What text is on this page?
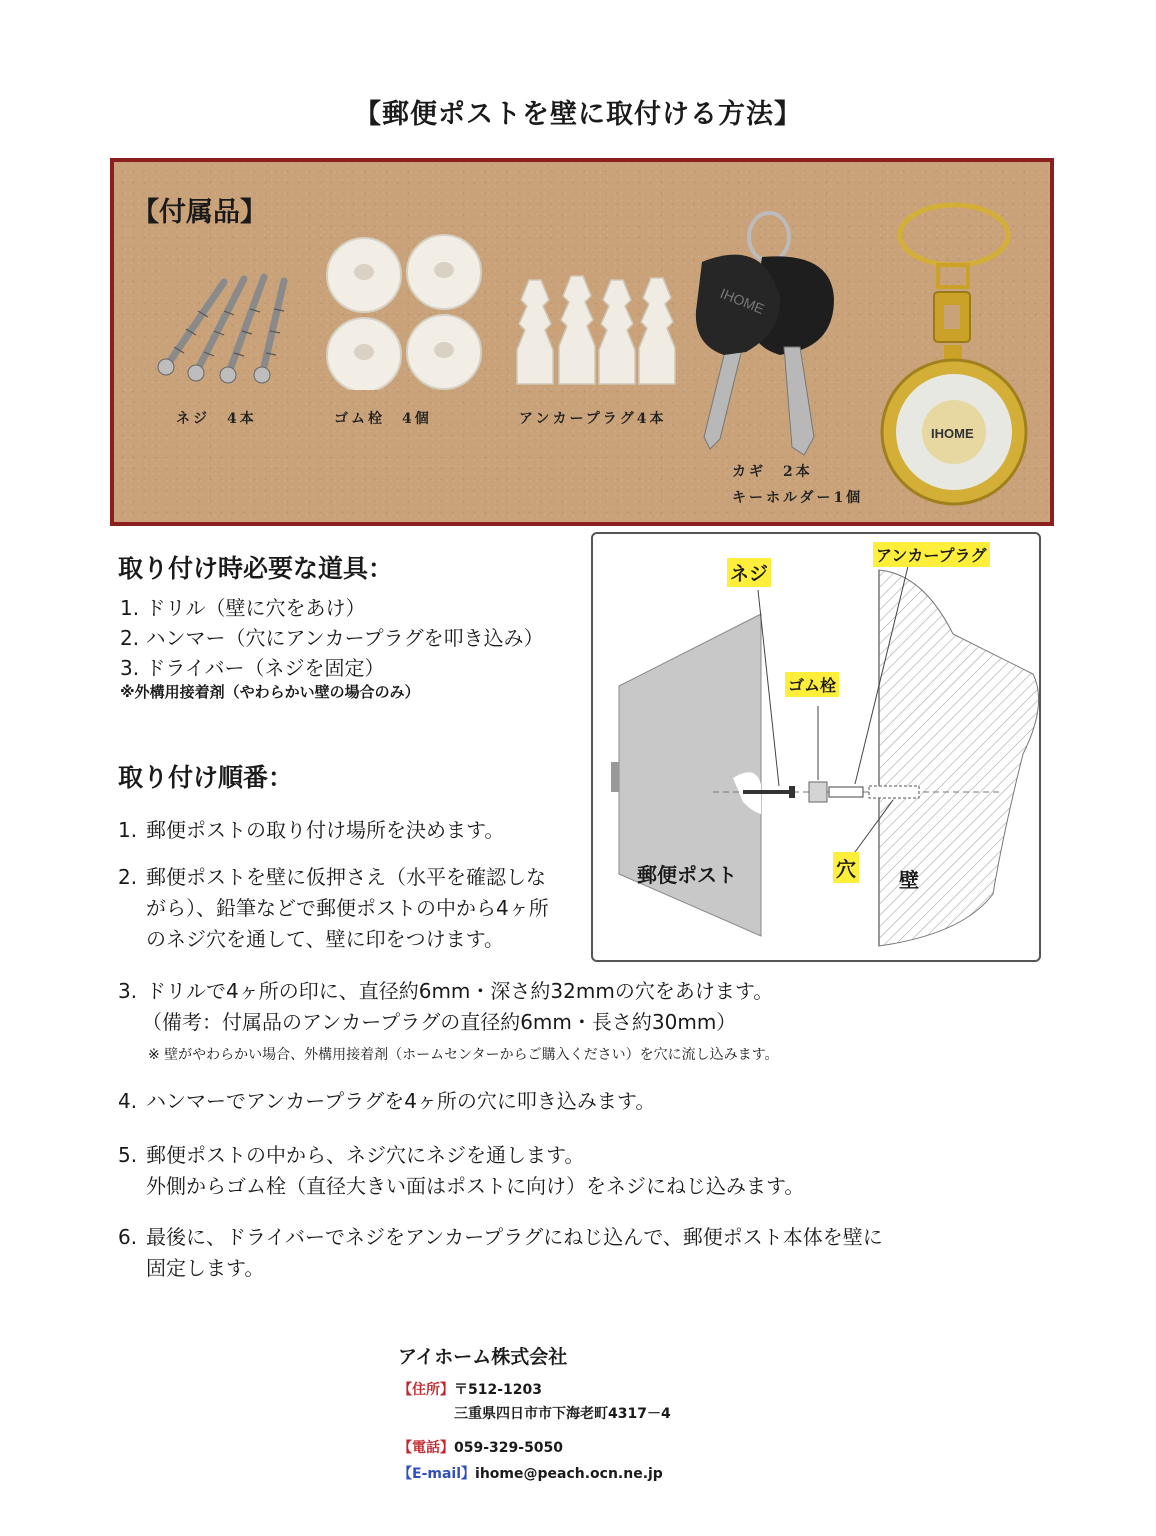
【郵便ポストを壁に取付ける方法】
【付属品】
ネジ　4本	ゴム栓　4個	アンカープラグ4本
IHOME
カギ　2本
キーホルダー1個
IHOME
取り付け時必要な道具：
1. ドリル（壁に穴をあけ）
2. ハンマー（穴にアンカープラグを叩き込み）
3. ドライバー（ネジを固定）
※外構用接着剤（やわらかい壁の場合のみ）
アンカープラグ
ネジ
ゴム栓
郵便ポスト	穴 壁
取り付け順番：
1. 郵便ポストの取り付け場所を決めます。
2. 郵便ポストを壁に仮押さえ（水平を確認しな
がら）、鉛筆などで郵便ポストの中から4ヶ所
のネジ穴を通して、壁に印をつけます。
3. ドリルで4ヶ所の印に、直径約6mm・深さ約32mmの穴をあけます。
（備考：付属品のアンカープラグの直径約6mm・長さ約30mm）
※ 壁がやわらかい場合、外構用接着剤（ホームセンターからご購入ください）を穴に流し込みます。
4. ハンマーでアンカープラグを4ヶ所の穴に叩き込みます。
5. 郵便ポストの中から、ネジ穴にネジを通します。
外側からゴム栓（直径大きい面はポストに向け）をネジにねじ込みます。
6. 最後に、ドライバーでネジをアンカープラグにねじ込んで、郵便ポスト本体を壁に
固定します。
アイホーム株式会社
【住所】〒512-1203
三重県四日市市下海老町4317－4
【電話】059-329-5050
【E-mail】ihome@peach.ocn.ne.jp
